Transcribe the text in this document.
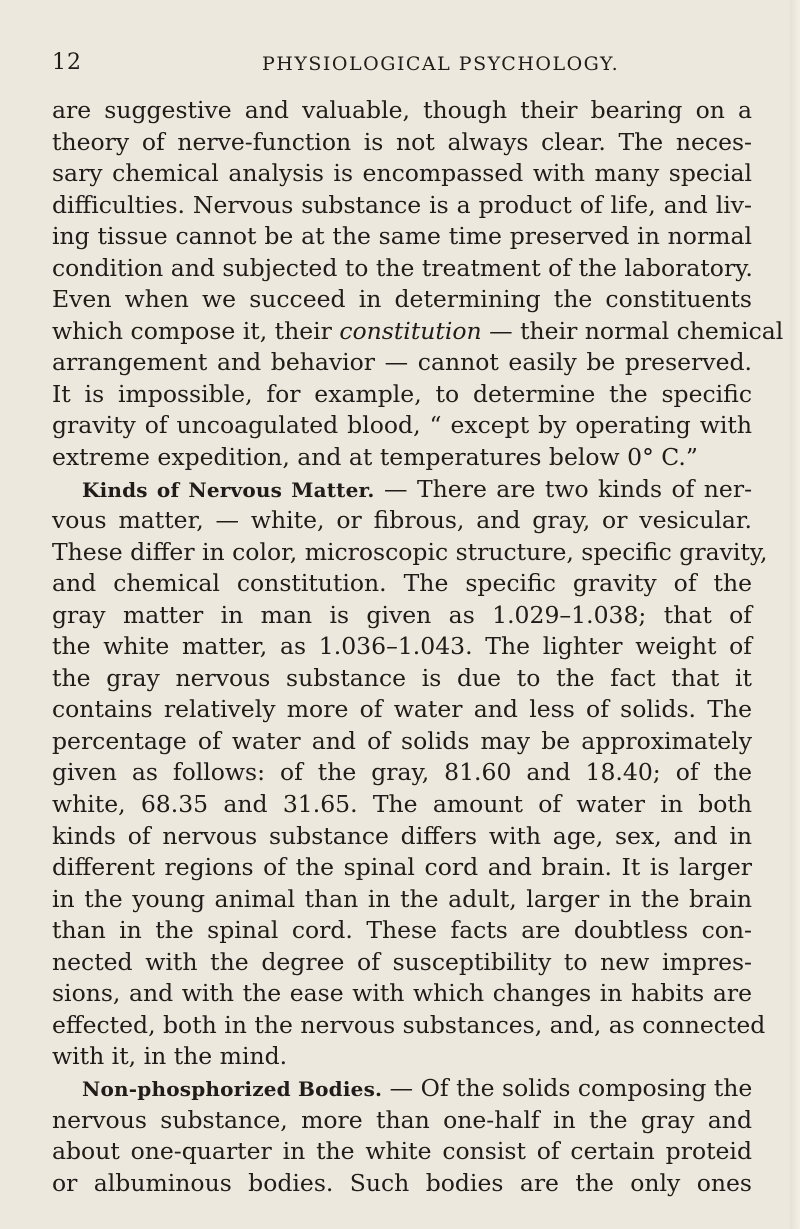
12	PHYSIOLOGICAL PSYCHOLOGY.
are suggestive and valuable, though their bearing on a
theory of nerve-function is not always clear. The neces-
sary chemical analysis is encompassed with many special
difficulties. Nervous substance is a product of life, and liv-
ing tissue cannot be at the same time preserved in normal
condition and subjected to the treatment of the laboratory.
Even when we succeed in determining the constituents
which compose it, their constitution — their normal chemical
arrangement and behavior — cannot easily be preserved.
It is impossible, for example, to determine the specific
gravity of uncoagulated blood, “ except by operating with
extreme expedition, and at temperatures below 0° C.”
Kinds of Nervous Matter. — There are two kinds of ner-
vous matter, — white, or fibrous, and gray, or vesicular.
These differ in color, microscopic structure, specific gravity,
and chemical constitution. The specific gravity of the
gray matter in man is given as 1.029–1.038; that of
the white matter, as 1.036–1.043. The lighter weight of
the gray nervous substance is due to the fact that it
contains relatively more of water and less of solids. The
percentage of water and of solids may be approximately
given as follows: of the gray, 81.60 and 18.40; of the
white, 68.35 and 31.65. The amount of water in both
kinds of nervous substance differs with age, sex, and in
different regions of the spinal cord and brain. It is larger
in the young animal than in the adult, larger in the brain
than in the spinal cord. These facts are doubtless con-
nected with the degree of susceptibility to new impres-
sions, and with the ease with which changes in habits are
effected, both in the nervous substances, and, as connected
with it, in the mind.
Non-phosphorized Bodies. — Of the solids composing the
nervous substance, more than one-half in the gray and
about one-quarter in the white consist of certain proteid
or albuminous bodies. Such bodies are the only ones
